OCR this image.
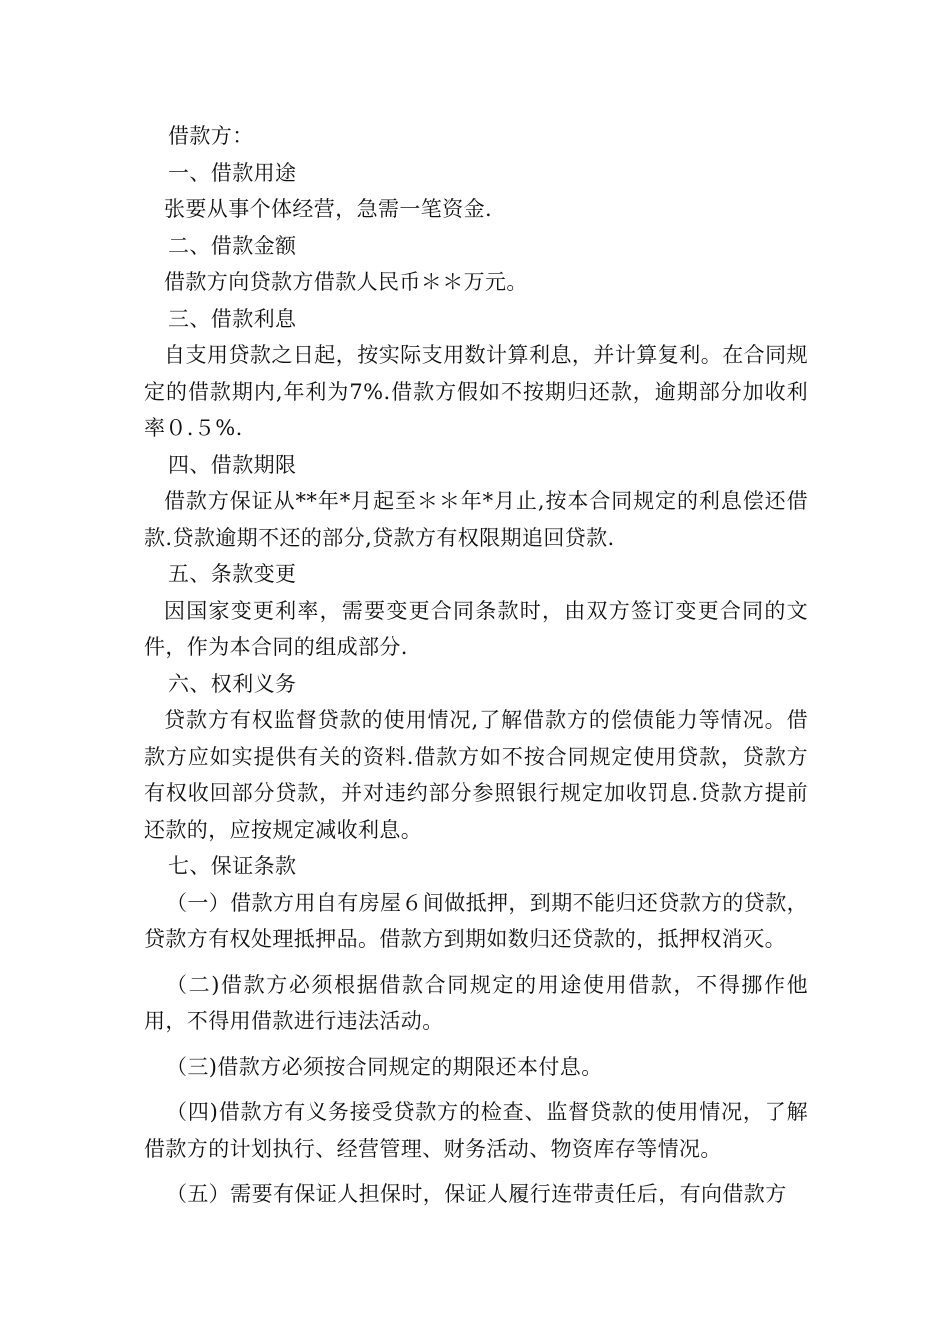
借款方：

一、借款用途

张要从事个体经营，急需一笔资金.

二、借款金额

借款方向贷款方借款人民币＊＊万元。

三、借款利息

自支用贷款之日起，按实际支用数计算利息，并计算复利。在合同规定的借款期内,年利为7%.借款方假如不按期归还款，逾期部分加收利率０.５%.

四、借款期限

借款方保证从**年*月起至＊＊年*月止,按本合同规定的利息偿还借款.贷款逾期不还的部分,贷款方有权限期追回贷款.

五、条款变更

因国家变更利率，需要变更合同条款时，由双方签订变更合同的文件，作为本合同的组成部分.

六、权利义务

贷款方有权监督贷款的使用情况,了解借款方的偿债能力等情况。借款方应如实提供有关的资料.借款方如不按合同规定使用贷款，贷款方有权收回部分贷款，并对违约部分参照银行规定加收罚息.贷款方提前还款的，应按规定减收利息。

七、保证条款

（一）借款方用自有房屋６间做抵押，到期不能归还贷款方的贷款，贷款方有权处理抵押品。借款方到期如数归还贷款的，抵押权消灭。

（二)借款方必须根据借款合同规定的用途使用借款，不得挪作他用，不得用借款进行违法活动。

（三)借款方必须按合同规定的期限还本付息。

（四)借款方有义务接受贷款方的检查、监督贷款的使用情况，了解借款方的计划执行、经营管理、财务活动、物资库存等情况。

（五）需要有保证人担保时，保证人履行连带责任后，有向借款方
